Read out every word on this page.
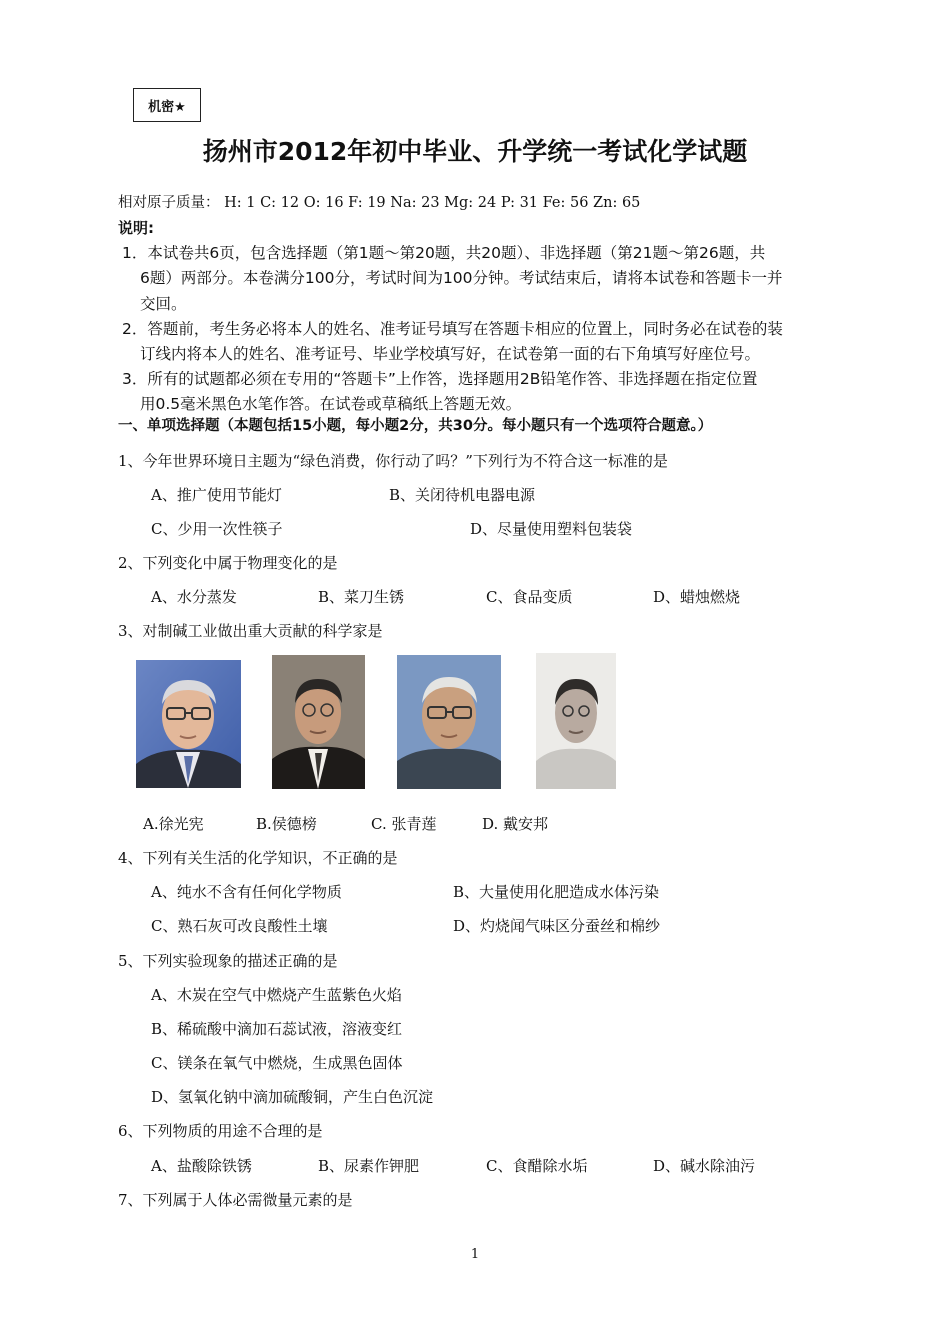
机密★
扬州市2012年初中毕业、升学统一考试化学试题
相对原子质量： H: 1 C: 12 O: 16 F: 19 Na: 23 Mg: 24 P: 31 Fe: 56 Zn: 65
说明:
1．本试卷共6页，包含选择题（第1题～第20题，共20题）、非选择题（第21题～第26题，共
6题）两部分。本卷满分100分，考试时间为100分钟。考试结束后，请将本试卷和答题卡一并
交回。
2．答题前，考生务必将本人的姓名、准考证号填写在答题卡相应的位置上，同时务必在试卷的装
订线内将本人的姓名、准考证号、毕业学校填写好，在试卷第一面的右下角填写好座位号。
3．所有的试题都必须在专用的“答题卡”上作答，选择题用2B铅笔作答、非选择题在指定位置
用0.5毫米黑色水笔作答。在试卷或草稿纸上答题无效。
一、单项选择题（本题包括15小题，每小题2分，共30分。每小题只有一个选项符合题意。）
1、今年世界环境日主题为“绿色消费，你行动了吗？”下列行为不符合这一标准的是
A、推广使用节能灯	B、关闭待机电器电源
C、少用一次性筷子	D、尽量使用塑料包装袋
2、下列变化中属于物理变化的是
A、水分蒸发	B、菜刀生锈	C、食品变质	D、蜡烛燃烧
3、对制碱工业做出重大贡献的科学家是
A.徐光宪	B.侯德榜	C. 张青莲	D. 戴安邦
4、下列有关生活的化学知识，不正确的是
A、纯水不含有任何化学物质	B、大量使用化肥造成水体污染
C、熟石灰可改良酸性土壤	D、灼烧闻气味区分蚕丝和棉纱
5、下列实验现象的描述正确的是
A、木炭在空气中燃烧产生蓝紫色火焰
B、稀硫酸中滴加石蕊试液，溶液变红
C、镁条在氧气中燃烧，生成黑色固体
D、氢氧化钠中滴加硫酸铜，产生白色沉淀
6、下列物质的用途不合理的是
A、盐酸除铁锈	B、尿素作钾肥	C、食醋除水垢	D、碱水除油污
7、下列属于人体必需微量元素的是
1
